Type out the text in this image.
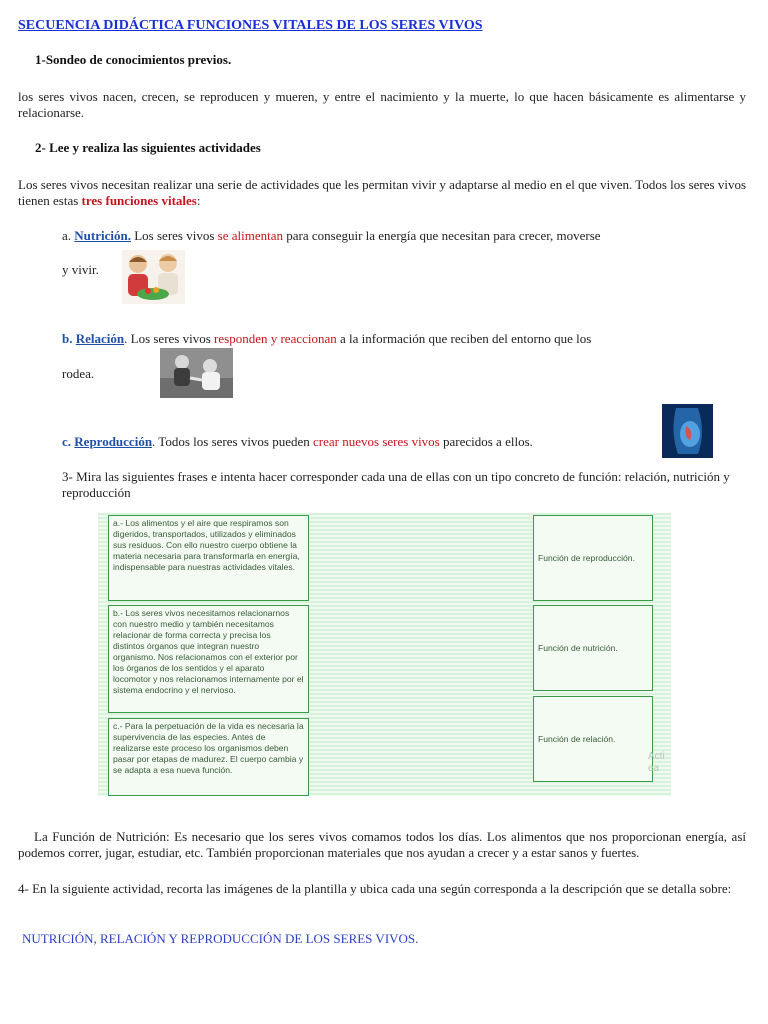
SECUENCIA DIDÁCTICA FUNCIONES VITALES DE LOS SERES VIVOS
1-Sondeo de conocimientos previos.
los seres vivos nacen, crecen, se reproducen y mueren, y entre el nacimiento y la muerte, lo que hacen básicamente es alimentarse y relacionarse.
2- Lee y realiza las siguientes actividades
Los seres vivos necesitan realizar una serie de actividades que les permitan vivir y adaptarse al medio en el que viven. Todos los seres vivos tienen estas tres funciones vitales:
a. Nutrición. Los seres vivos se alimentan para conseguir la energía que necesitan para crecer, moverse
y vivir.
b. Relación. Los seres vivos responden y reaccionan a la información que reciben del entorno que los
rodea.
c. Reproducción. Todos los seres vivos pueden crear nuevos seres vivos parecidos a ellos.
3- Mira las siguientes frases e intenta hacer corresponder cada una de ellas con un tipo concreto de función: relación, nutrición y reproducción
a.- Los alimentos y el aire que respiramos son digeridos, transportados, utilizados y eliminados sus residuos. Con ello nuestro cuerpo obtiene la materia necesaria para transformarla en energía, indispensable para nuestras actividades vitales.
b.- Los seres vivos necesitamos relacionarnos con nuestro medio y también necesitamos relacionar de forma correcta y precisa los distintos órganos que integran nuestro organismo. Nos relacionamos con el exterior por los órganos de los sentidos y el aparato locomotor y nos relacionamos internamente por el sistema endocrino y el nervioso.
c.- Para la perpetuación de la vida es necesaria la supervivencia de las especies. Antes de realizarse este proceso los organismos deben pasar por etapas de madurez. El cuerpo cambia y se adapta a esa nueva función.
Función de reproducción.
Función de nutrición.
Función de relación.
Acti
ea
La Función de Nutrición: Es necesario que los seres vivos comamos todos los días. Los alimentos que nos proporcionan energía, así podemos correr, jugar, estudiar, etc. También proporcionan materiales que nos ayudan a crecer y a estar sanos y fuertes.
4- En la siguiente actividad, recorta las imágenes de la plantilla y ubica cada una según corresponda a la descripción que se detalla sobre:
NUTRICIÓN, RELACIÓN Y REPRODUCCIÓN DE LOS SERES VIVOS.
